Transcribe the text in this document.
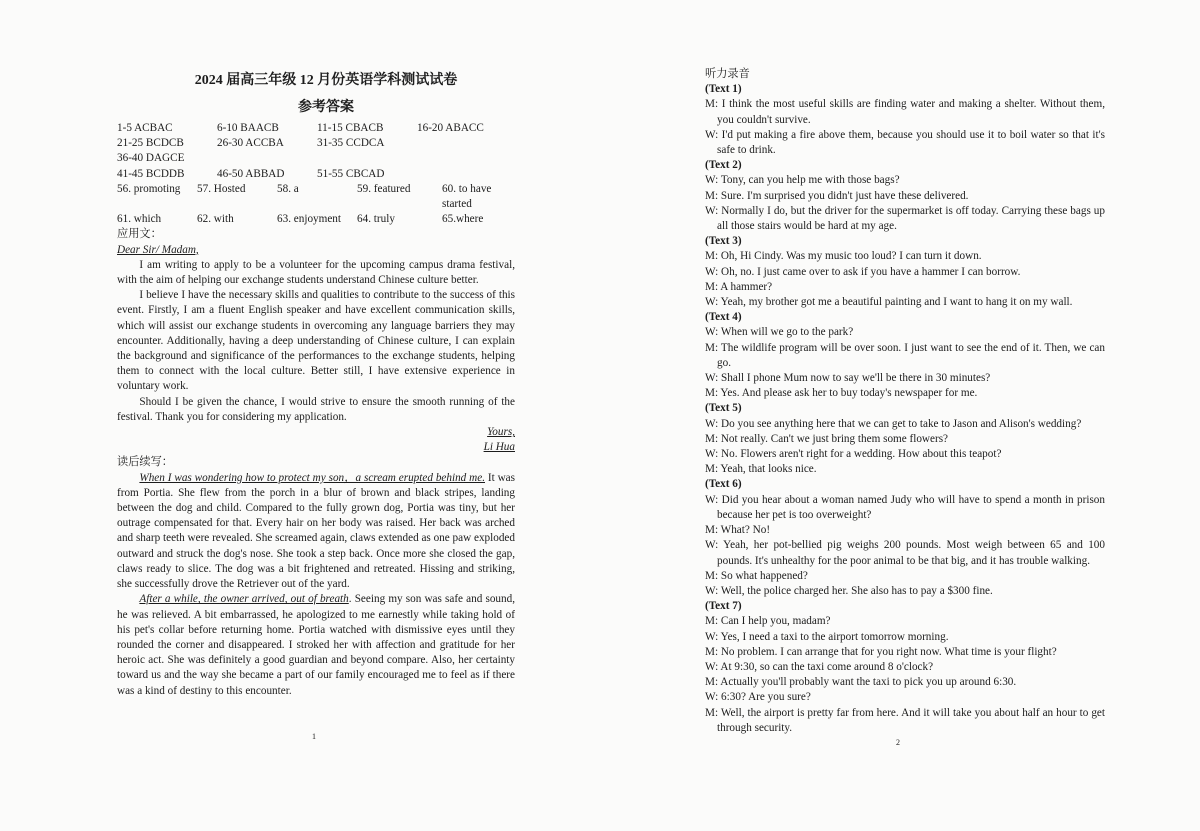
2024 届高三年级 12 月份英语学科测试试卷
参考答案
1-5 ACBAC	6-10 BAACB	11-15 CBACB	16-20 ABACC
21-25 BCDCB	26-30 ACCBA	31-35 CCDCA
36-40 DAGCE
41-45 BCDDB	46-50 ABBAD	51-55 CBCAD
56. promoting	57. Hosted	58. a	59. featured	60. to have started
61. which	62. with	63. enjoyment	64. truly	65.where
应用文：
Dear Sir/ Madam,
I am writing to apply to be a volunteer for the upcoming campus drama festival, with the aim of helping our exchange students understand Chinese culture better.
I believe I have the necessary skills and qualities to contribute to the success of this event. Firstly, I am a fluent English speaker and have excellent communication skills, which will assist our exchange students in overcoming any language barriers they may encounter. Additionally, having a deep understanding of Chinese culture, I can explain the background and significance of the performances to the exchange students, helping them to connect with the local culture. Better still, I have extensive experience in voluntary work.
Should I be given the chance, I would strive to ensure the smooth running of the festival. Thank you for considering my application.
Yours,
Li Hua
读后续写：
When I was wondering how to protect my son，a scream erupted behind me. It was from Portia. She flew from the porch in a blur of brown and black stripes, landing between the dog and child. Compared to the fully grown dog, Portia was tiny, but her outrage compensated for that. Every hair on her body was raised. Her back was arched and sharp teeth were revealed. She screamed again, claws extended as one paw exploded outward and struck the dog's nose. She took a step back. Once more she closed the gap, claws ready to slice. The dog was a bit frightened and retreated. Hissing and striking, she successfully drove the Retriever out of the yard.
After a while, the owner arrived, out of breath. Seeing my son was safe and sound, he was relieved. A bit embarrassed, he apologized to me earnestly while taking hold of his pet's collar before returning home. Portia watched with dismissive eyes until they rounded the corner and disappeared. I stroked her with affection and gratitude for her heroic act. She was definitely a good guardian and beyond compare. Also, her certainty toward us and the way she became a part of our family encouraged me to feel as if there was a kind of destiny to this encounter.
1
听力录音
(Text 1)
M: I think the most useful skills are finding water and making a shelter. Without them, you couldn't survive.
W: I'd put making a fire above them, because you should use it to boil water so that it's safe to drink.
(Text 2)
W: Tony, can you help me with those bags?
M: Sure. I'm surprised you didn't just have these delivered.
W: Normally I do, but the driver for the supermarket is off today. Carrying these bags up all those stairs would be hard at my age.
(Text 3)
M: Oh, Hi Cindy. Was my music too loud? I can turn it down.
W: Oh, no. I just came over to ask if you have a hammer I can borrow.
M: A hammer?
W: Yeah, my brother got me a beautiful painting and I want to hang it on my wall.
(Text 4)
W: When will we go to the park?
M: The wildlife program will be over soon. I just want to see the end of it. Then, we can go.
W: Shall I phone Mum now to say we'll be there in 30 minutes?
M: Yes. And please ask her to buy today's newspaper for me.
(Text 5)
W: Do you see anything here that we can get to take to Jason and Alison's wedding?
M: Not really. Can't we just bring them some flowers?
W: No. Flowers aren't right for a wedding. How about this teapot?
M: Yeah, that looks nice.
(Text 6)
W: Did you hear about a woman named Judy who will have to spend a month in prison because her pet is too overweight?
M: What? No!
W: Yeah, her pot-bellied pig weighs 200 pounds. Most weigh between 65 and 100 pounds. It's unhealthy for the poor animal to be that big, and it has trouble walking.
M: So what happened?
W: Well, the police charged her. She also has to pay a $300 fine.
(Text 7)
M: Can I help you, madam?
W: Yes, I need a taxi to the airport tomorrow morning.
M: No problem. I can arrange that for you right now. What time is your flight?
W: At 9:30, so can the taxi come around 8 o'clock?
M: Actually you'll probably want the taxi to pick you up around 6:30.
W: 6:30? Are you sure?
M: Well, the airport is pretty far from here. And it will take you about half an hour to get through security.
2
